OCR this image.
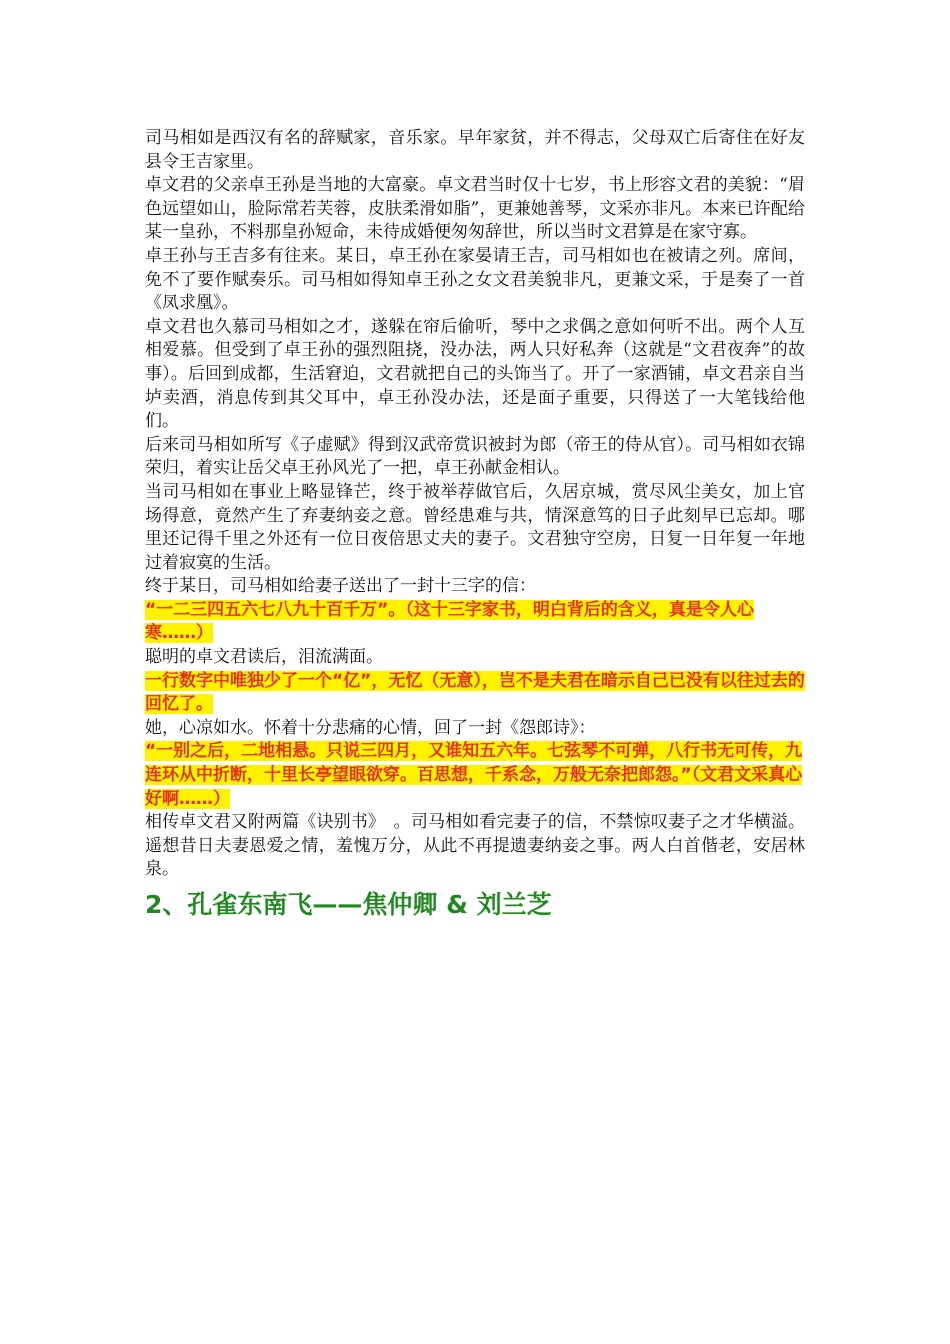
司马相如是西汉有名的辞赋家，音乐家。早年家贫，并不得志，父母双亡后寄住在好友县令王吉家里。

卓文君的父亲卓王孙是当地的大富豪。卓文君当时仅十七岁，书上形容文君的美貌：“眉色远望如山，脸际常若芙蓉，皮肤柔滑如脂”，更兼她善琴，文采亦非凡。本来已许配给某一皇孙，不料那皇孙短命，未待成婚便匆匆辞世，所以当时文君算是在家守寡。

卓王孙与王吉多有往来。某日，卓王孙在家晏请王吉，司马相如也在被请之列。席间，免不了要作赋奏乐。司马相如得知卓王孙之女文君美貌非凡，更兼文采，于是奏了一首《凤求凰》。

卓文君也久慕司马相如之才，遂躲在帘后偷听，琴中之求偶之意如何听不出。两个人互相爱慕。但受到了卓王孙的强烈阻挠，没办法，两人只好私奔（这就是“文君夜奔”的故事）。后回到成都，生活窘迫，文君就把自己的头饰当了。开了一家酒铺，卓文君亲自当垆卖酒，消息传到其父耳中，卓王孙没办法，还是面子重要，只得送了一大笔钱给他们。

后来司马相如所写《子虚赋》得到汉武帝赏识被封为郎（帝王的侍从官）。司马相如衣锦荣归，着实让岳父卓王孙风光了一把，卓王孙献金相认。

当司马相如在事业上略显锋芒，终于被举荐做官后，久居京城，赏尽风尘美女，加上官场得意，竟然产生了弃妻纳妾之意。曾经患难与共，情深意笃的日子此刻早已忘却。哪里还记得千里之外还有一位日夜倍思丈夫的妻子。文君独守空房，日复一日年复一年地过着寂寞的生活。

终于某日，司马相如给妻子送出了一封十三字的信：

“一二三四五六七八九十百千万”。（这十三字家书，明白背后的含义，真是令人心寒……）

聪明的卓文君读后，泪流满面。

一行数字中唯独少了一个“亿”，无忆（无意），岂不是夫君在暗示自己已没有以往过去的回忆了。

她，心凉如水。怀着十分悲痛的心情，回了一封《怨郎诗》：

“一别之后，二地相悬。只说三四月，又谁知五六年。七弦琴不可弹，八行书无可传，九连环从中折断，十里长亭望眼欲穿。百思想，千系念，万般无奈把郎怨。”（文君文采真心好啊……）

相传卓文君又附两篇《诀别书》　。司马相如看完妻子的信，不禁惊叹妻子之才华横溢。遥想昔日夫妻恩爱之情，羞愧万分，从此不再提遗妻纳妾之事。两人白首偕老，安居林泉。

2、孔雀东南飞——焦仲卿 & 刘兰芝
